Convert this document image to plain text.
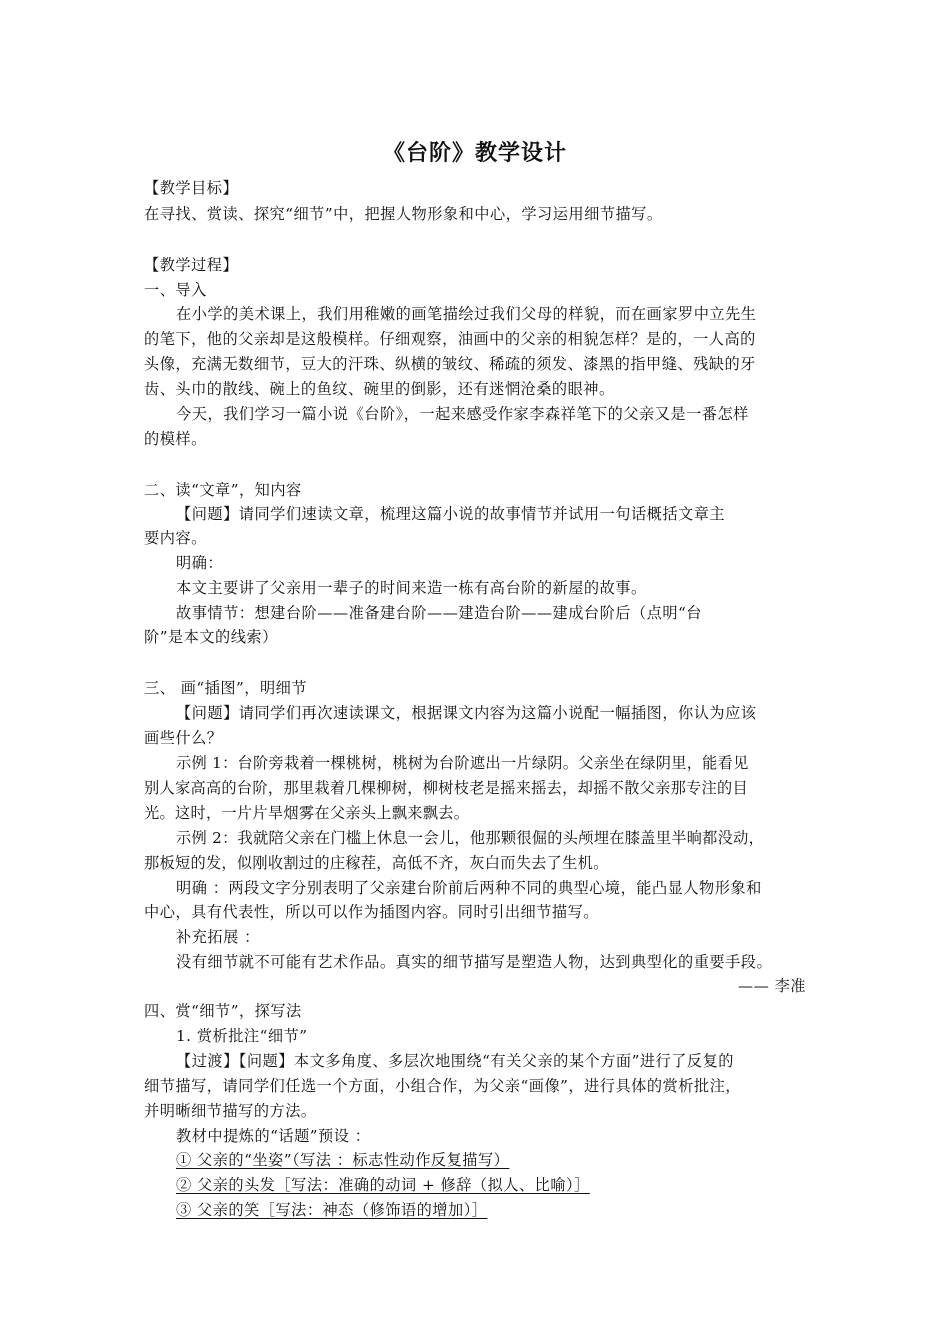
《台阶》教学设计
【教学目标】
在寻找、赏读、探究“细节”中，把握人物形象和中心，学习运用细节描写。
【教学过程】
一、导入
在小学的美术课上，我们用稚嫩的画笔描绘过我们父母的样貌，而在画家罗中立先生
的笔下，他的父亲却是这般模样。仔细观察，油画中的父亲的相貌怎样？是的，一人高的
头像，充满无数细节，豆大的汗珠、纵横的皱纹、稀疏的须发、漆黑的指甲缝、残缺的牙
齿、头巾的散线、碗上的鱼纹、碗里的倒影，还有迷惘沧桑的眼神。
今天，我们学习一篇小说《台阶》，一起来感受作家李森祥笔下的父亲又是一番怎样
的模样。
二、读“文章”，知内容
【问题】请同学们速读文章，梳理这篇小说的故事情节并试用一句话概括文章主
要内容。
明确：
本文主要讲了父亲用一辈子的时间来造一栋有高台阶的新屋的故事。
故事情节：想建台阶——准备建台阶——建造台阶——建成台阶后（点明“台
阶”是本文的线索）
三、 画“插图”，明细节
【问题】请同学们再次速读课文，根据课文内容为这篇小说配一幅插图，你认为应该
画些什么？
示例 1：台阶旁栽着一棵桃树，桃树为台阶遮出一片绿阴。父亲坐在绿阴里，能看见
别人家高高的台阶，那里栽着几棵柳树，柳树枝老是摇来摇去，却摇不散父亲那专注的目
光。这时，一片片旱烟雾在父亲头上飘来飘去。
示例 2：我就陪父亲在门槛上休息一会儿，他那颗很倔的头颅埋在膝盖里半晌都没动，
那板短的发，似刚收割过的庄稼茬，高低不齐，灰白而失去了生机。
明确 ：两段文字分别表明了父亲建台阶前后两种不同的典型心境，能凸显人物形象和
中心，具有代表性，所以可以作为插图内容。同时引出细节描写。
补充拓展 ：
没有细节就不可能有艺术作品。真实的细节描写是塑造人物，达到典型化的重要手段。
—— 李准
四、赏“细节”，探写法
1. 赏析批注“细节”
【过渡】【问题】本文多角度、多层次地围绕“有关父亲的某个方面”进行了反复的
细节描写，请同学们任选一个方面，小组合作，为父亲“画像”，进行具体的赏析批注，
并明晰细节描写的方法。
教材中提炼的“话题”预设 ：
① 父亲的“坐姿”（写法 ：标志性动作反复描写）
② 父亲的头发［写法：准确的动词 + 修辞（拟人、比喻）］
③ 父亲的笑［写法：神态（修饰语的增加）］
